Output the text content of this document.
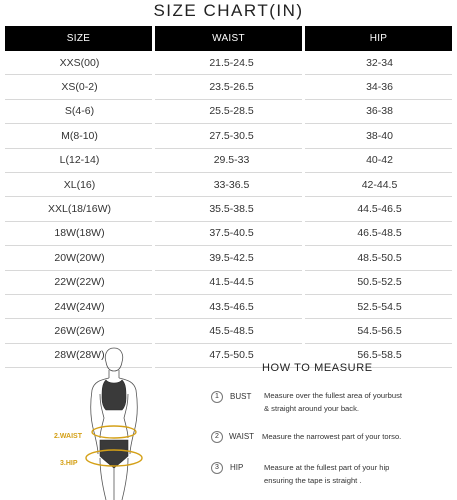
SIZE CHART(IN)
SIZE	WAIST	HIP
XXS(00)	21.5-24.5	32-34
XS(0-2)	23.5-26.5	34-36
S(4-6)	25.5-28.5	36-38
M(8-10)	27.5-30.5	38-40
L(12-14)	29.5-33	40-42
XL(16)	33-36.5	42-44.5
XXL(18/16W)	35.5-38.5	44.5-46.5
18W(18W)	37.5-40.5	46.5-48.5
20W(20W)	39.5-42.5	48.5-50.5
22W(22W)	41.5-44.5	50.5-52.5
24W(24W)	43.5-46.5	52.5-54.5
26W(26W)	45.5-48.5	54.5-56.5
28W(28W)	47.5-50.5	56.5-58.5
2.WAIST
3.HIP
HOW TO MEASURE
1	BUST Measure over the fullest area of yourbust
& straight around your back.
2	WAIST Measure the narrowest part of your torso.
3	HIP	Measure at the fullest part of your hip
ensuring the tape is straight .
